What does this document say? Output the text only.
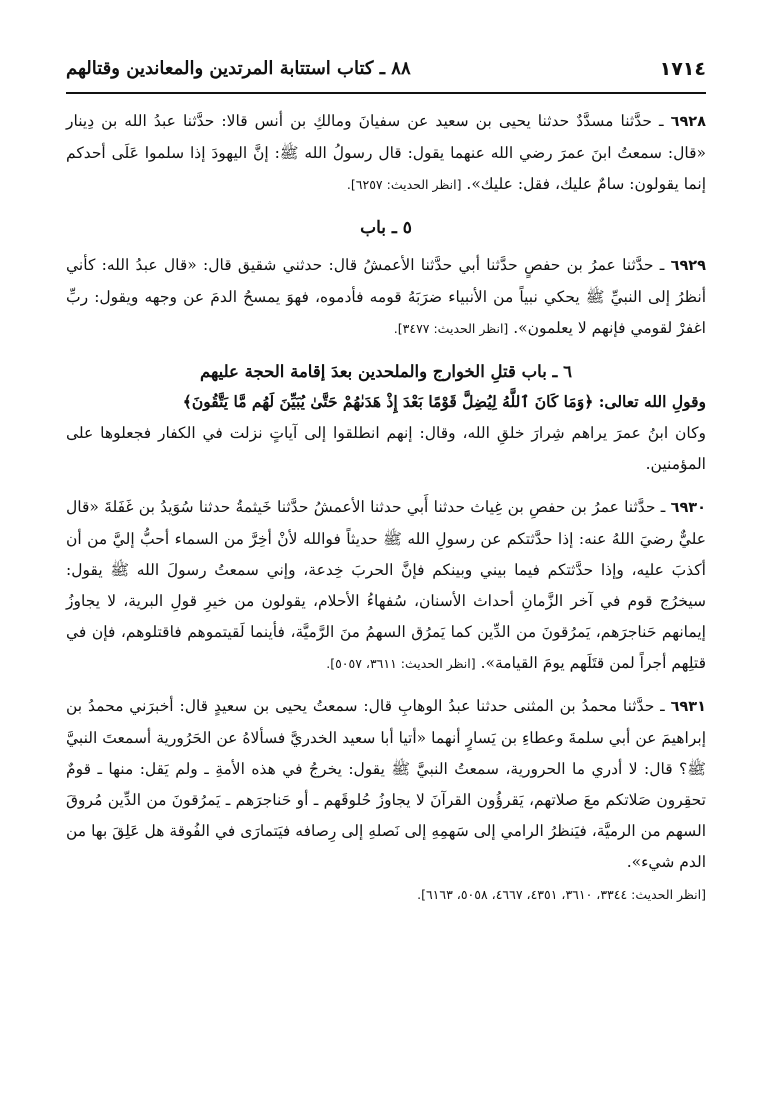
١٧١٤
٨٨ ـ كتاب استتابة المرتدين والمعاندين وقتالهم

٦٩٢٨ ـ حدَّثنا مسدَّدٌ حدثنا يحيى بن سعيد عن سفيانَ ومالكِ بن أنس قالا: حدَّثنا عبدُ الله بن دِينار «قال: سمعتُ ابنَ عمرَ رضي الله عنهما يقول: قال رسولُ الله ﷺ: إنَّ اليهودَ إذا سلموا عَلَى أحدكم إنما يقولون: سامٌ عليك، فقل: عليك». [انظر الحديث: ٦٢٥٧].

٥ ـ باب

٦٩٢٩ ـ حدَّثنا عمرُ بن حفصٍ حدَّثنا أبي حدَّثنا الأعمشُ قال: حدثني شقيق قال: «قال عبدُ الله: كأني أنظرُ إلى النبيِّ ﷺ يحكي نبياً من الأنبياء ضرَبَهُ قومه فأدموه، فهوَ يمسحُ الدمَ عن وجهه ويقول: ربِّ اغفرْ لقومي فإنهم لا يعلمون». [انظر الحديث: ٣٤٧٧].

٦ ـ باب قتلِ الخوارج والملحدين بعدَ إقامة الحجة عليهم
وقولِ الله تعالى: ﴿وَمَا كَانَ ٱللَّهُ لِيُضِلَّ قَوْمًا بَعْدَ إِذْ هَدَىٰهُمْ حَتَّىٰ يُبَيِّنَ لَهُم مَّا يَتَّقُونَ﴾

وكان ابنُ عمرَ يراهم شِرارَ خلقِ الله، وقال: إنهم انطلقوا إلى آياتٍ نزلت في الكفار فجعلوها على المؤمنين.

٦٩٣٠ ـ حدَّثنا عمرُ بن حفصِ بن غِياث حدثنا أَبي حدثنا الأعمشُ حدَّثنا خَيثمةُ حدثنا سُوَيدُ بن غَفَلةَ «قال عليٌّ رضيَ اللهُ عنه: إذا حدَّثتكم عن رسولِ الله ﷺ حديثاً فوالله لأنْ أخِرَّ من السماء أحبُّ إليَّ من أن أكذبَ عليه، وإذا حدَّثتكم فيما بيني وبينكم فإنَّ الحربَ خِدعة، وإني سمعتُ رسولَ الله ﷺ يقول: سيخرُج قوم في آخر الزَّمانِ أحداث الأسنان، سُفهاءُ الأحلام، يقولون من خيرِ قولِ البرية، لا يجاوزُ إيمانهم حَناجرَهم، يَمرُقونَ من الدِّين كما يَمرُق السهمُ منَ الرَّميَّة، فأينما لَقيتموهم فاقتلوهم، فإن في قتلِهم أجراً لمن قتَلَهم يومَ القيامة». [انظر الحديث: ٣٦١١، ٥٠٥٧].

٦٩٣١ ـ حدَّثنا محمدُ بن المثنى حدثنا عبدُ الوهابِ قال: سمعتُ يحيى بن سعيدٍ قال: أخبرَني محمدُ بن إبراهيمَ عن أبي سلمةَ وعطاءِ بن يَسارٍ أنهما «أتيا أبا سعيد الخدريَّ فسألاهُ عن الحَرُورية أسمعتَ النبيَّ ﷺ؟ قال: لا أدري ما الحرورية، سمعتُ النبيَّ ﷺ يقول: يخرجُ في هذه الأمةِ ـ ولم يَقل: منها ـ قومٌ تحقِرون صَلاتكم معَ صلاتهم، يَقرؤُون القرآنَ لا يجاوزُ حُلوقَهم ـ أو حَناجرَهم ـ يَمرُقونَ من الدِّين مُروقَ السهم من الرميَّة، فيَنظرُ الرامي إلى سَهمِهِ إلى نَصلهِ إلى رِصافه فيَتمارَى في الفُوقة هل عَلِقَ بها من الدم شيء».

[انظر الحديث: ٣٣٤٤، ٣٦١٠، ٤٣٥١، ٤٦٦٧، ٥٠٥٨، ٦١٦٣].
